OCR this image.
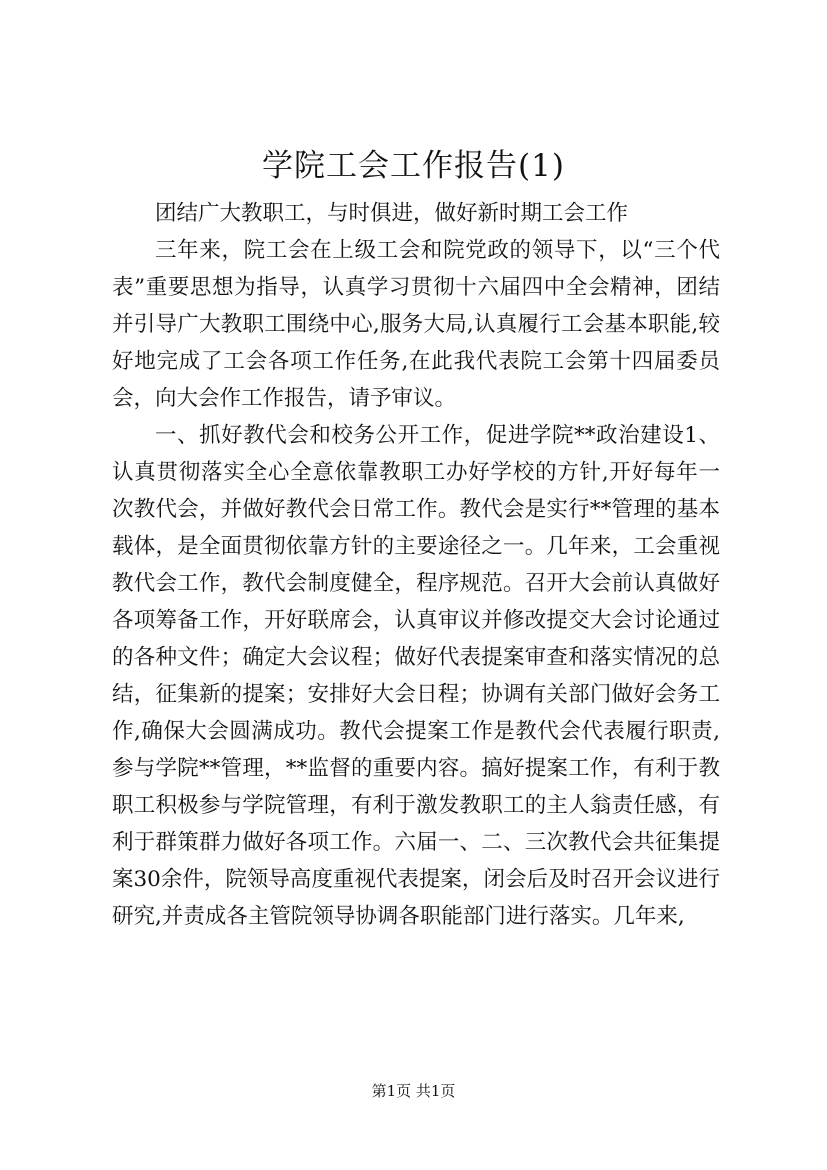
学院工会工作报告(1)

团结广大教职工，与时俱进，做好新时期工会工作

三年来，院工会在上级工会和院党政的领导下，以“三个代表”重要思想为指导，认真学习贯彻十六届四中全会精神，团结并引导广大教职工围绕中心,服务大局,认真履行工会基本职能,较好地完成了工会各项工作任务,在此我代表院工会第十四届委员会，向大会作工作报告，请予审议。

一、抓好教代会和校务公开工作，促进学院**政治建设1、认真贯彻落实全心全意依靠教职工办好学校的方针,开好每年一次教代会，并做好教代会日常工作。教代会是实行**管理的基本载体，是全面贯彻依靠方针的主要途径之一。几年来，工会重视教代会工作，教代会制度健全，程序规范。召开大会前认真做好各项筹备工作，开好联席会，认真审议并修改提交大会讨论通过的各种文件；确定大会议程；做好代表提案审查和落实情况的总结，征集新的提案；安排好大会日程；协调有关部门做好会务工作,确保大会圆满成功。教代会提案工作是教代会代表履行职责,参与学院**管理，**监督的重要内容。搞好提案工作，有利于教职工积极参与学院管理，有利于激发教职工的主人翁责任感，有利于群策群力做好各项工作。六届一、二、三次教代会共征集提案30余件，院领导高度重视代表提案，闭会后及时召开会议进行研究,并责成各主管院领导协调各职能部门进行落实。几年来,

第1页 共1页
